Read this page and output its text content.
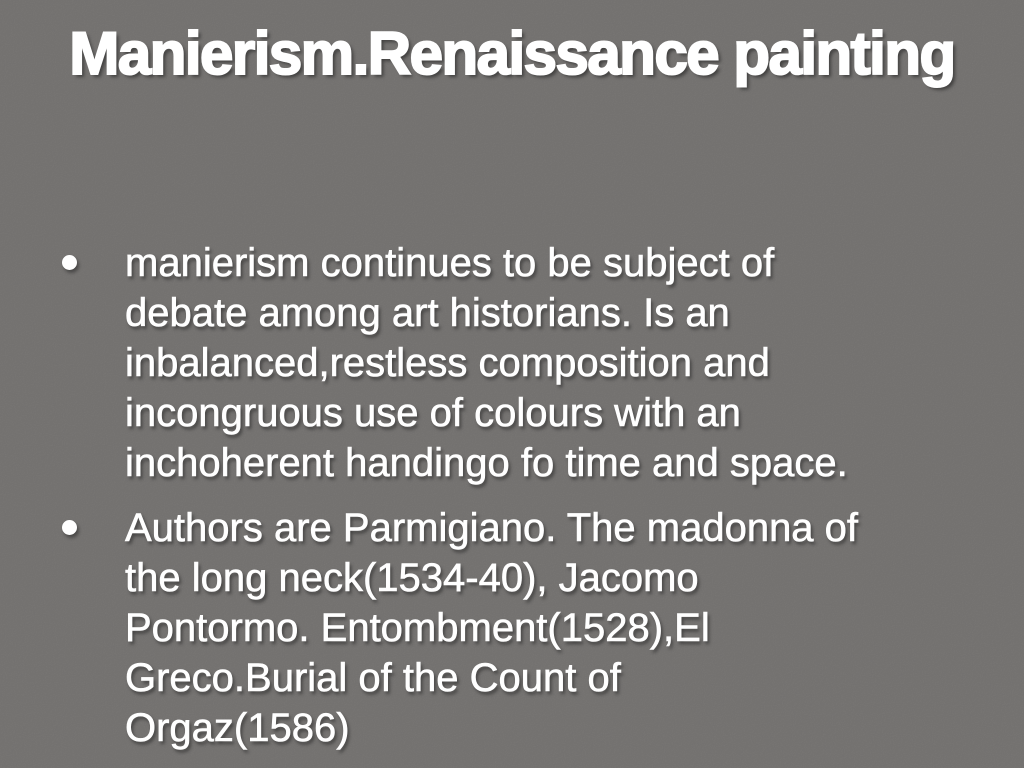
Manierism.Renaissance painting
manierism continues to be subject of
debate among art historians. Is an
inbalanced,restless composition and
incongruous use of colours with an
inchoherent handingo fo time and space.
Authors are Parmigiano. The madonna of
the long neck(1534-40), Jacomo
Pontormo. Entombment(1528),El
Greco.Burial of the Count of
Orgaz(1586)
